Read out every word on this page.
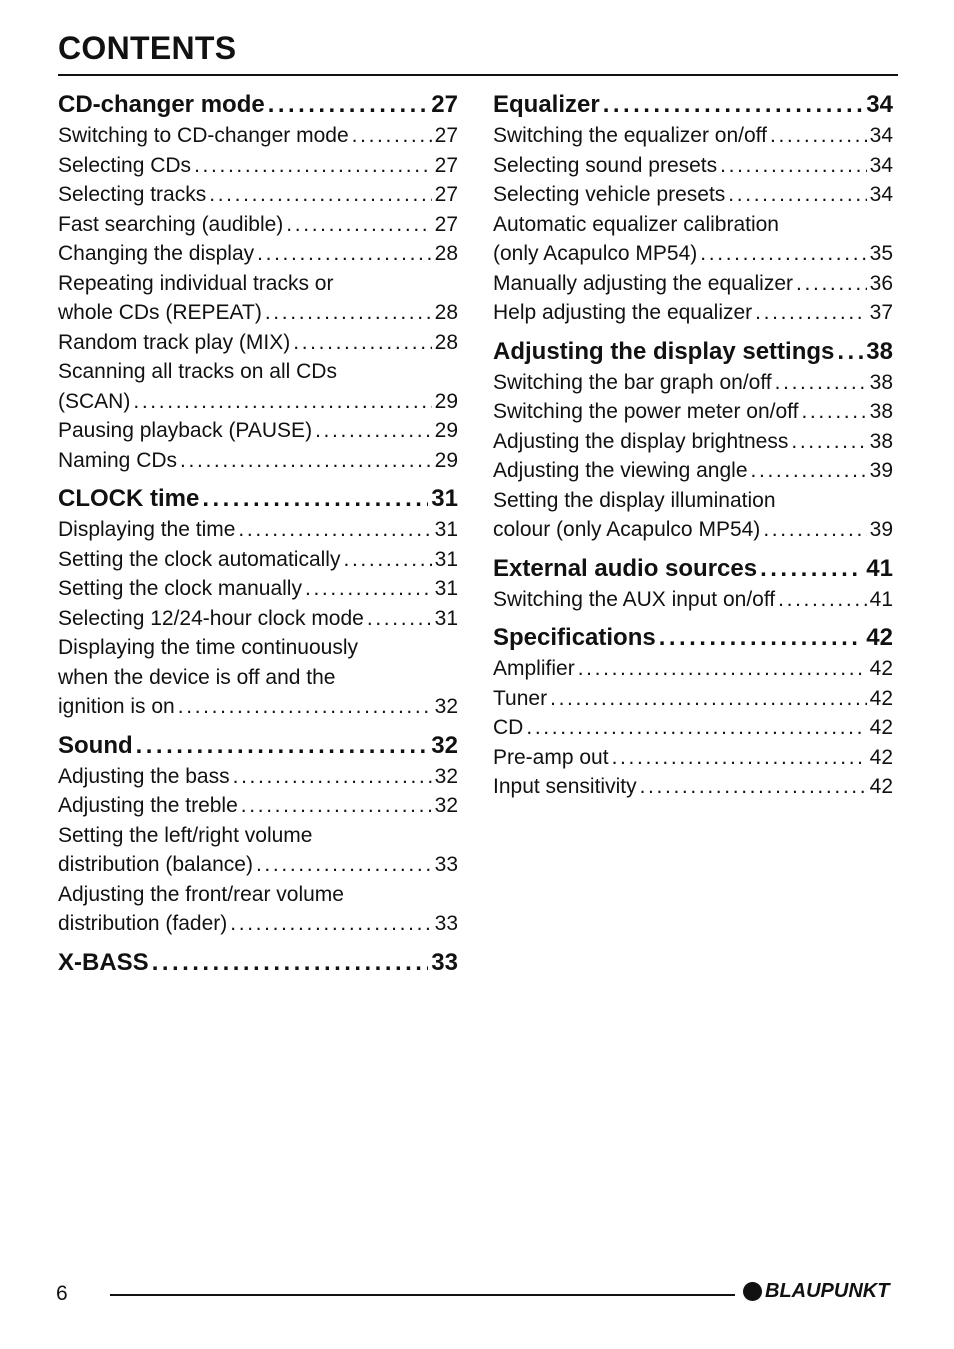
CONTENTS
CD-changer mode . . .	27
Switching to CD-changer mode . . .	27
Selecting CDs . . .	27
Selecting tracks . . .	27
Fast searching (audible) . . .	27
Changing the display . . .	28
Repeating individual tracks or
whole CDs (REPEAT) . . .	28
Random track play (MIX) . . .	28
Scanning all tracks on all CDs
(SCAN) . . .	29
Pausing playback (PAUSE) . . .	29
Naming CDs . . .	29
CLOCK time . . .	31
Displaying the time . . .	31
Setting the clock automatically . . .	31
Setting the clock manually . . .	31
Selecting 12/24-hour clock mode . . .	31
Displaying the time continuously
when the device is off and the
ignition is on . . .	32
Sound . . .	32
Adjusting the bass . . .	32
Adjusting the treble . . .	32
Setting the left/right volume
distribution (balance) . . .	33
Adjusting the front/rear volume
distribution (fader) . . .	33
X-BASS . . .	33
Equalizer . . .	34
Switching the equalizer on/off . . .	34
Selecting sound presets . . .	34
Selecting vehicle presets . . .	34
Automatic equalizer calibration
(only Acapulco MP54) . . .	35
Manually adjusting the equalizer . . .	36
Help adjusting the equalizer . . .	37
Adjusting the display settings . . . 38
Switching the bar graph on/off . . .	38
Switching the power meter on/off . . .	38
Adjusting the display brightness . . .	38
Adjusting the viewing angle . . .	39
Setting the display illumination
colour (only Acapulco MP54) . . .	39
External audio sources . . .	41
Switching the AUX input on/off . . .	41
Specifications . . .	42
Amplifier . . .	42
Tuner . . .	42
CD . . .	42
Pre-amp out . . .	42
Input sensitivity . . .	42
6	BLAUPUNKT
